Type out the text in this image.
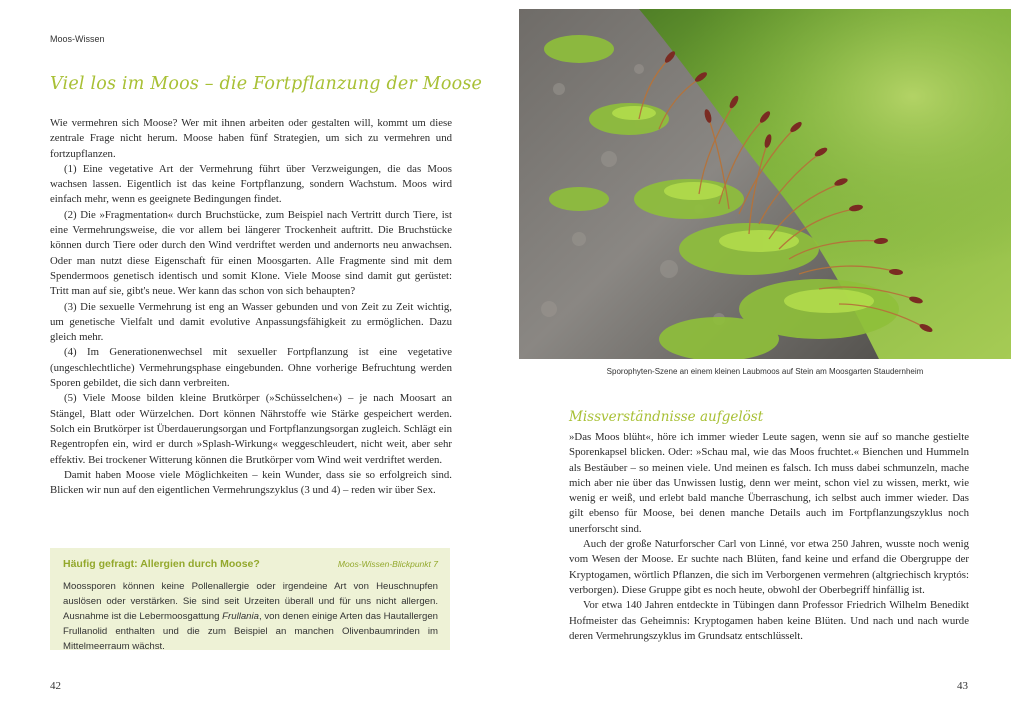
Moos-Wissen
Viel los im Moos – die Fortpflanzung der Moose

Wie vermehren sich Moose? Wer mit ihnen arbeiten oder gestalten will, kommt um diese zentrale Frage nicht herum. Moose haben fünf Strategien, um sich zu vermehren und fortzupflanzen.

(1) Eine vegetative Art der Vermehrung führt über Verzweigungen, die das Moos wachsen lassen. Eigentlich ist das keine Fortpflanzung, sondern Wachstum. Moos wird einfach mehr, wenn es geeignete Bedingungen findet.

(2) Die »Fragmentation« durch Bruchstücke, zum Beispiel nach Vertritt durch Tiere, ist eine Vermehrungsweise, die vor allem bei längerer Trockenheit auftritt. Die Bruchstücke können durch Tiere oder durch den Wind verdriftet werden und andernorts neu anwachsen. Oder man nutzt diese Eigenschaft für einen Moosgarten. Alle Fragmente sind mit dem Spendermoos genetisch identisch und somit Klone. Viele Moose sind damit gut gerüstet: Tritt man auf sie, gibt's neue. Wer kann das schon von sich behaupten?

(3) Die sexuelle Vermehrung ist eng an Wasser gebunden und von Zeit zu Zeit wichtig, um genetische Vielfalt und damit evolutive Anpassungsfähigkeit zu ermöglichen. Dazu gleich mehr.

(4) Im Generationenwechsel mit sexueller Fortpflanzung ist eine vegetative (ungeschlechtliche) Vermehrungsphase eingebunden. Ohne vorherige Befruchtung werden Sporen gebildet, die sich dann verbreiten.

(5) Viele Moose bilden kleine Brutkörper (»Schüsselchen«) – je nach Moosart an Stängel, Blatt oder Würzelchen. Dort können Nährstoffe wie Stärke gespeichert werden. Solch ein Brutkörper ist Überdauerungsorgan und Fortpflanzungsorgan zugleich. Schlägt ein Regentropfen ein, wird er durch »Splash-Wirkung« weggeschleudert, nicht weit, aber sehr effektiv. Bei trockener Witterung können die Brutkörper vom Wind weit verdriftet werden.

Damit haben Moose viele Möglichkeiten – kein Wunder, dass sie so erfolgreich sind. Blicken wir nun auf den eigentlichen Vermehrungszyklus (3 und 4) – reden wir über Sex.

Häufig gefragt: Allergien durch Moose?	Moos-Wissen-Blickpunkt 7

Moossporen können keine Pollenallergie oder irgendeine Art von Heuschnupfen auslösen oder verstärken. Sie sind seit Urzeiten überall und für uns nicht allergen. Ausnahme ist die Lebermoosgattung Frullania, von denen einige Arten das Hautallergen Frullanolid enthalten und die zum Beispiel an manchen Olivenbaumrinden im Mittelmeerraum wächst.

42
Sporophyten-Szene an einem kleinen Laubmoos auf Stein am Moosgarten Staudernheim
Missverständnisse aufgelöst

»Das Moos blüht«, höre ich immer wieder Leute sagen, wenn sie auf so manche gestielte Sporenkapsel blicken. Oder: »Schau mal, wie das Moos fruchtet.« Bienchen und Hummeln als Bestäuber – so meinen viele. Und meinen es falsch. Ich muss dabei schmunzeln, mache mich aber nie über das Unwissen lustig, denn wer meint, schon viel zu wissen, merkt, wie wenig er weiß, und erlebt bald manche Überraschung, ich selbst auch immer wieder. Das gilt ebenso für Moose, bei denen manche Details auch im Fortpflanzungszyklus noch unerforscht sind.

Auch der große Naturforscher Carl von Linné, vor etwa 250 Jahren, wusste noch wenig vom Wesen der Moose. Er suchte nach Blüten, fand keine und erfand die Obergruppe der Kryptogamen, wörtlich Pflanzen, die sich im Verborgenen vermehren (altgriechisch kryptós: verborgen). Diese Gruppe gibt es noch heute, obwohl der Oberbegriff hinfällig ist.

Vor etwa 140 Jahren entdeckte in Tübingen dann Professor Friedrich Wilhelm Benedikt Hofmeister das Geheimnis: Kryptogamen haben keine Blüten. Und nach und nach wurde deren Vermehrungszyklus im Grundsatz entschlüsselt.

43
